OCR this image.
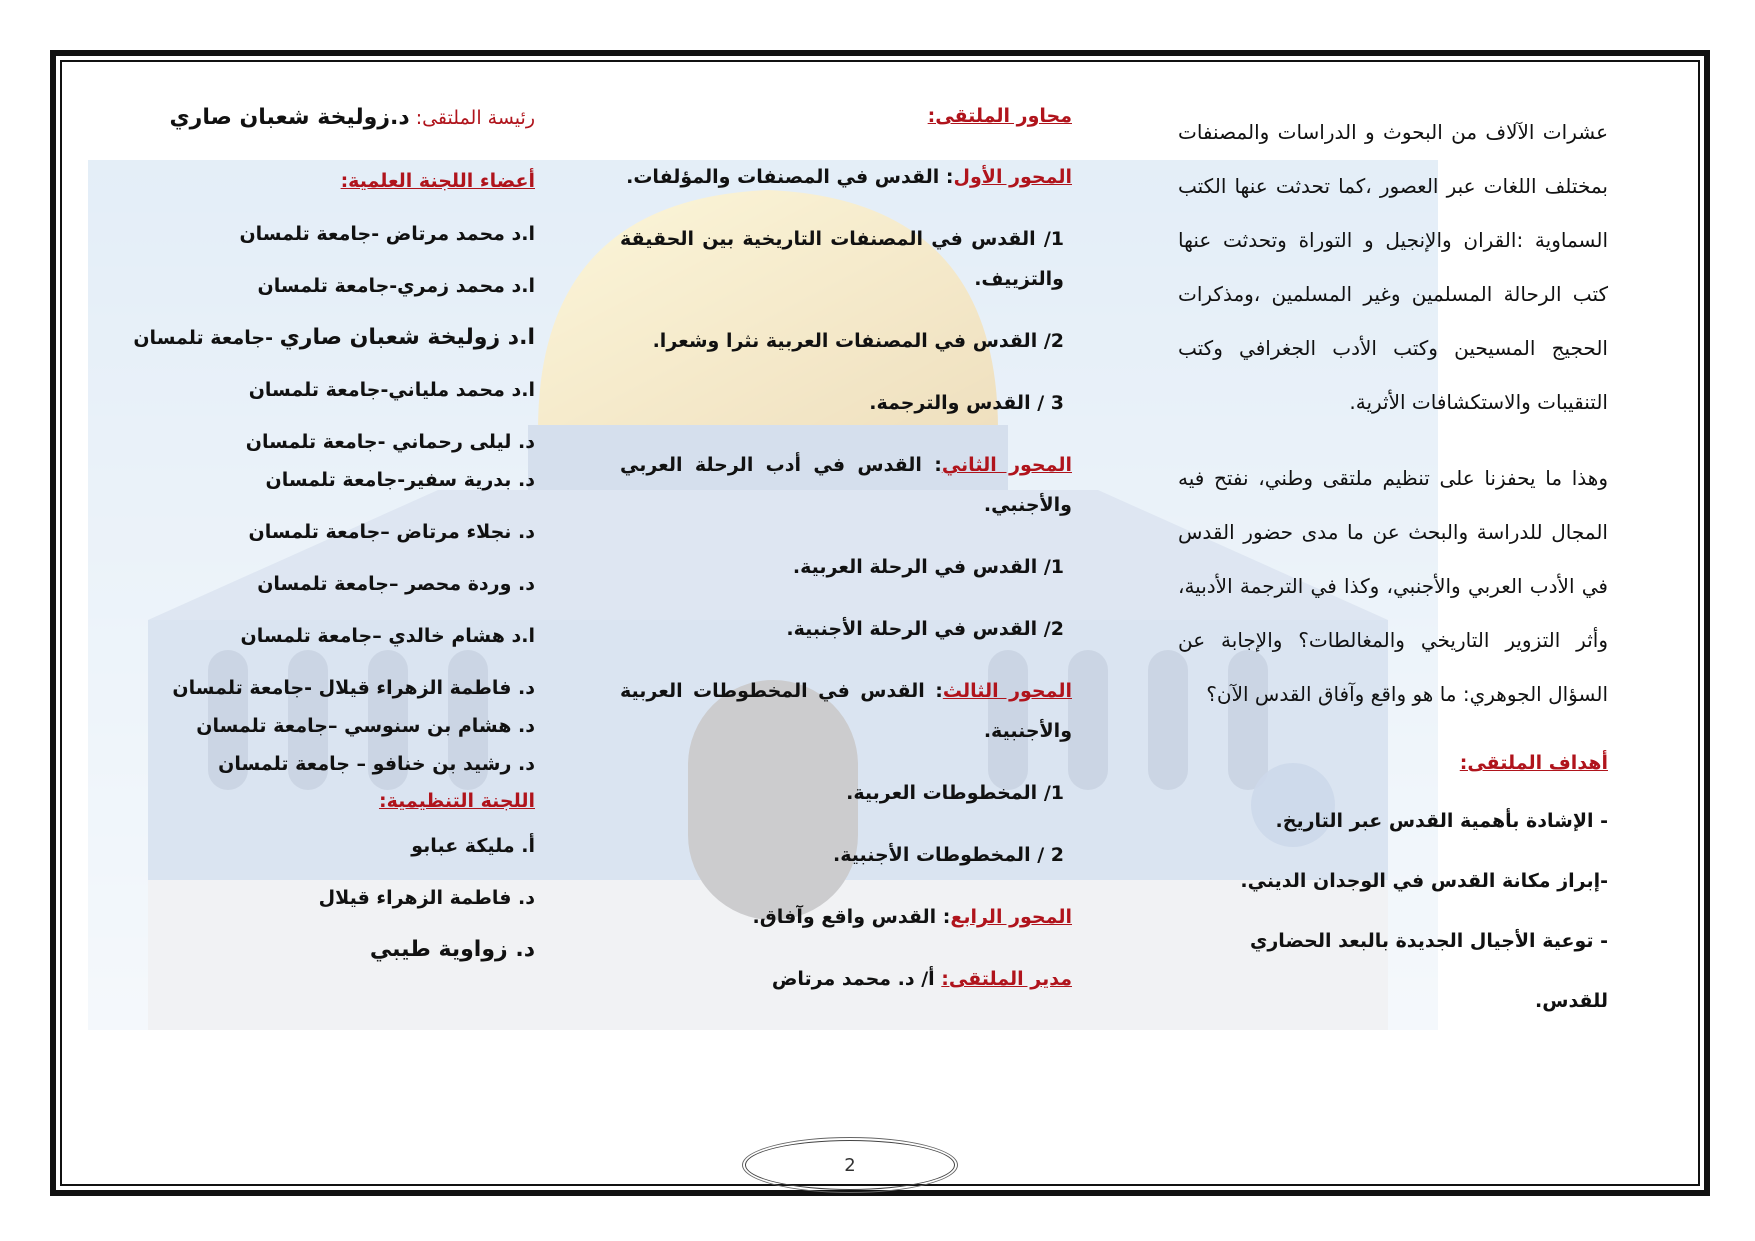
عشرات الآلاف من البحوث و الدراسات والمصنفات بمختلف اللغات عبر العصور ،كما تحدثت عنها الكتب السماوية :القران والإنجيل و التوراة وتحدثت عنها كتب الرحالة المسلمين وغير المسلمين ،ومذكرات الحجيج المسيحين وكتب الأدب الجغرافي وكتب التنقيبات والاستكشافات الأثرية.

وهذا ما يحفزنا على تنظيم ملتقى وطني، نفتح فيه المجال للدراسة والبحث عن ما مدى حضور القدس في الأدب العربي والأجنبي، وكذا في الترجمة الأدبية، وأثر التزوير التاريخي والمغالطات؟ والإجابة عن السؤال الجوهري: ما هو واقع وآفاق القدس الآن؟

أهداف الملتقى:
- الإشادة بأهمية القدس عبر التاريخ.
-إبراز مكانة القدس في الوجدان الديني.
- توعية الأجيال الجديدة بالبعد الحضاري للقدس.
محاور الملتقى:
المحور الأول: القدس في المصنفات والمؤلفات.
1/ القدس في المصنفات التاريخية بين الحقيقة والتزييف.
2/ القدس في المصنفات العربية نثرا وشعرا.
3 / القدس والترجمة.
المحور الثاني: القدس في أدب الرحلة العربي والأجنبي.
1/ القدس في الرحلة العربية.
2/ القدس في الرحلة الأجنبية.
المحور الثالث: القدس في المخطوطات العربية والأجنبية.
1/ المخطوطات العربية.
2 / المخطوطات الأجنبية.
المحور الرابع: القدس واقع وآفاق.
مدير الملتقى: أ/ د. محمد مرتاض
رئيسة الملتقى: د.زوليخة شعبان صاري
أعضاء اللجنة العلمية:
ا.د محمد مرتاض -جامعة تلمسان
ا.د محمد زمري-جامعة تلمسان
ا.د زوليخة شعبان صاري -جامعة تلمسان
ا.د محمد ملياني-جامعة تلمسان
د. ليلى رحماني -جامعة تلمسان
د. بدرية سفير-جامعة تلمسان
د. نجلاء مرتاض –جامعة تلمسان
د. وردة محصر –جامعة تلمسان
ا.د هشام خالدي –جامعة تلمسان
د. فاطمة الزهراء قيلال -جامعة تلمسان
د. هشام بن سنوسي –جامعة تلمسان
د. رشيد بن خنافو – جامعة تلمسان
اللجنة التنظيمية:
أ. مليكة عبابو
د. فاطمة الزهراء قيلال
د. زواوية طيبي
2
